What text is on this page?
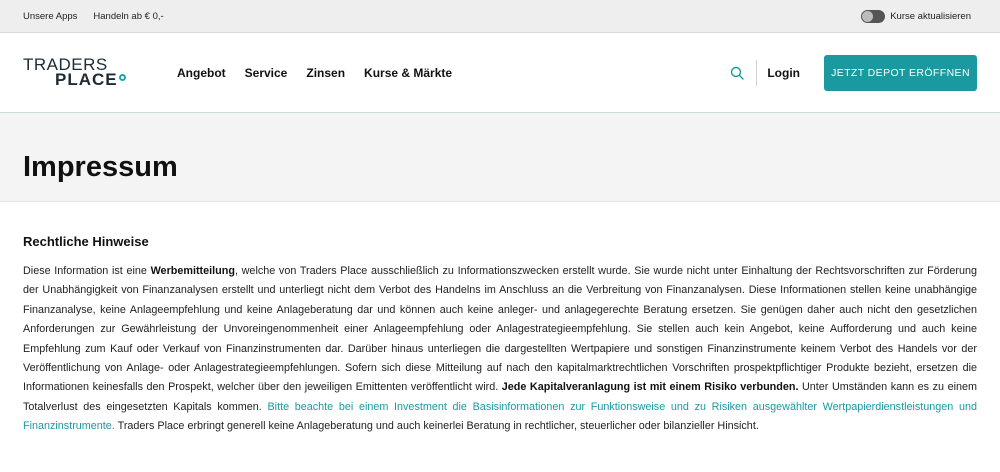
Unsere Apps Handeln ab € 0,-	Kurse aktualisieren
TRADERS
PLACE	Angebot Service Zinsen Kurse & Märkte	Login	JETZT DEPOT ERÖFFNEN
Impressum
Rechtliche Hinweise

Diese Information ist eine Werbemitteilung, welche von Traders Place ausschließlich zu Informationszwecken erstellt wurde. Sie wurde nicht unter Einhaltung der Rechtsvorschriften zur Förderung der Unabhängigkeit von Finanzanalysen erstellt und unterliegt nicht dem Verbot des Handelns im Anschluss an die Verbreitung von Finanzanalysen. Diese Informationen stellen keine unabhängige Finanzanalyse, keine Anlageempfehlung und keine Anlageberatung dar und können auch keine anleger- und anlagegerechte Beratung ersetzen. Sie genügen daher auch nicht den gesetzlichen Anforderungen zur Gewährleistung der Unvoreingenommenheit einer Anlageempfehlung oder Anlagestrategieempfehlung. Sie stellen auch kein Angebot, keine Aufforderung und auch keine Empfehlung zum Kauf oder Verkauf von Finanzinstrumenten dar. Darüber hinaus unterliegen die dargestellten Wertpapiere und sonstigen Finanzinstrumente keinem Verbot des Handels vor der Veröffentlichung von Anlage- oder Anlagestrategieempfehlungen. Sofern sich diese Mitteilung auf nach den kapitalmarktrechtlichen Vorschriften prospektpflichtiger Produkte bezieht, ersetzen die Informationen keinesfalls den Prospekt, welcher über den jeweiligen Emittenten veröffentlicht wird. Jede Kapitalveranlagung ist mit einem Risiko verbunden. Unter Umständen kann es zu einem Totalverlust des eingesetzten Kapitals kommen. Bitte beachte bei einem Investment die Basisinformationen zur Funktionsweise und zu Risiken ausgewählter Wertpapierdienstleistungen und Finanzinstrumente. Traders Place erbringt generell keine Anlageberatung und auch keinerlei Beratung in rechtlicher, steuerlicher oder bilanzieller Hinsicht.
